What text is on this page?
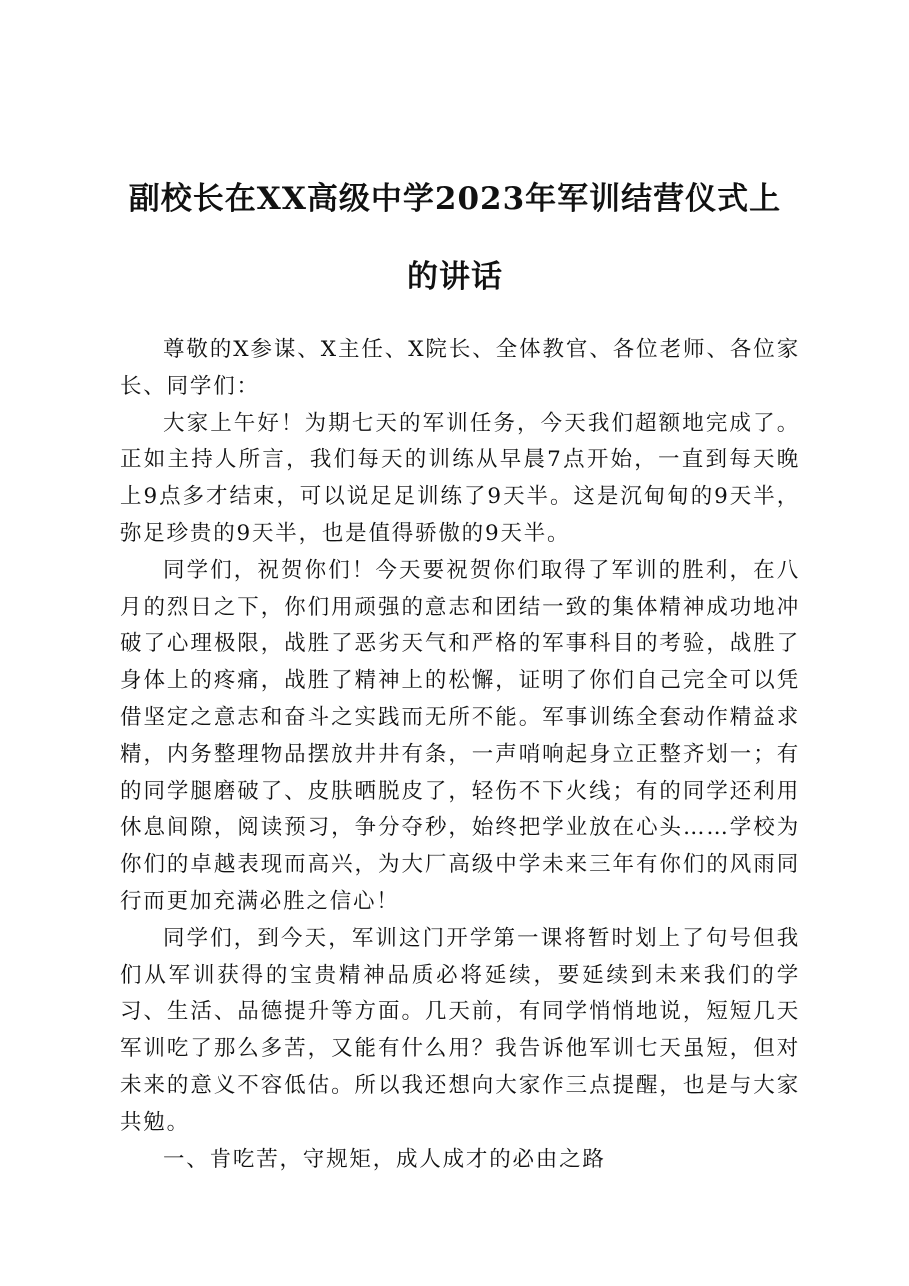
副校长在XX高级中学2023年军训结营仪式上
的讲话

尊敬的X参谋、X主任、X院长、全体教官、各位老师、各位家长、同学们：

大家上午好！为期七天的军训任务，今天我们超额地完成了。正如主持人所言，我们每天的训练从早晨7点开始，一直到每天晚上9点多才结束，可以说足足训练了9天半。这是沉甸甸的9天半，弥足珍贵的9天半，也是值得骄傲的9天半。

同学们，祝贺你们！今天要祝贺你们取得了军训的胜利，在八月的烈日之下，你们用顽强的意志和团结一致的集体精神成功地冲破了心理极限，战胜了恶劣天气和严格的军事科目的考验，战胜了身体上的疼痛，战胜了精神上的松懈，证明了你们自己完全可以凭借坚定之意志和奋斗之实践而无所不能。军事训练全套动作精益求精，内务整理物品摆放井井有条，一声哨响起身立正整齐划一；有的同学腿磨破了、皮肤晒脱皮了，轻伤不下火线；有的同学还利用休息间隙，阅读预习，争分夺秒，始终把学业放在心头……学校为你们的卓越表现而高兴，为大厂高级中学未来三年有你们的风雨同行而更加充满必胜之信心！

同学们，到今天，军训这门开学第一课将暂时划上了句号但我们从军训获得的宝贵精神品质必将延续，要延续到未来我们的学习、生活、品德提升等方面。几天前，有同学悄悄地说，短短几天军训吃了那么多苦，又能有什么用？我告诉他军训七天虽短，但对未来的意义不容低估。所以我还想向大家作三点提醒，也是与大家共勉。

一、肯吃苦，守规矩，成人成才的必由之路
